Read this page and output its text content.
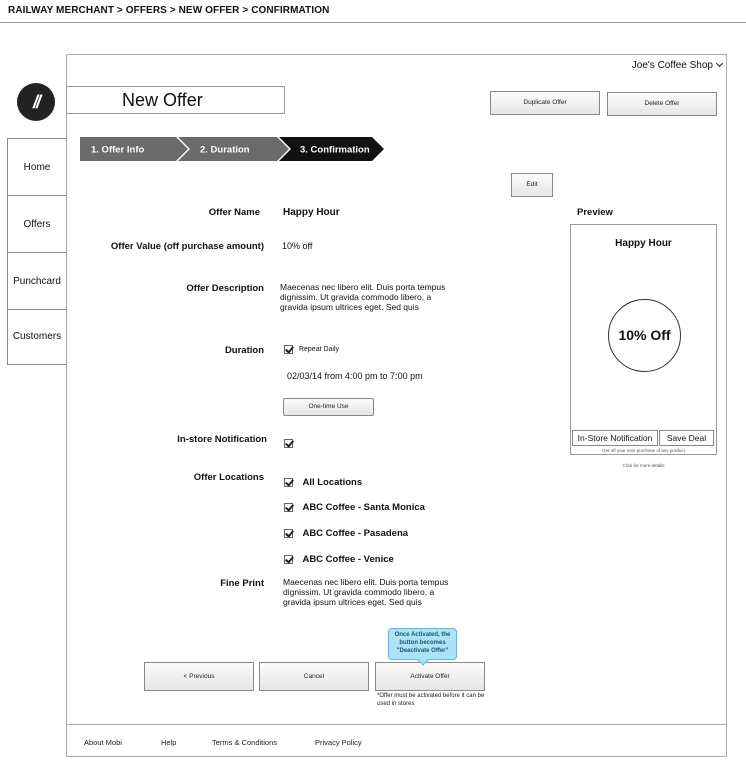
RAILWAY MERCHANT > OFFERS > NEW OFFER > CONFIRMATION
//	New Offer
Joe's Coffee Shop
Duplicate Offer	Delete Offer
Home
Offers
Punchcard
Customers
1. Offer Info	2. Duration	3. Confirmation
Edit
Offer Name Happy Hour
Offer Value (off purchase amount) 10% off
Offer Description Maecenas nec libero elit. Duis porta tempus dignissim. Ut gravida commodo libero, a gravida ipsum ultrices eget. Sed quis
Duration	Repeat Daily
02/03/14 from 4:00 pm to 7:00 pm
One-time Use
In-store Notification
Offer Locations	All Locations
ABC Coffee - Santa Monica
ABC Coffee - Pasadena
ABC Coffee - Venice
Fine Print Maecenas nec libero elit. Duis porta tempus dignissim. Ut gravida commodo libero, a gravida ipsum ultrices eget. Sed quis
Preview
Happy Hour
10% Off
In-Store Notification	Save Deal
Get off your next purchase of any product
Click for more details
< Previous	Cancel	Activate Offer
Once Activated, the button becomes "Deactivate Offer"
*Offer must be activated before it can be used in stores
About Mobi	Help	Terms & Conditions	Privacy Policy
